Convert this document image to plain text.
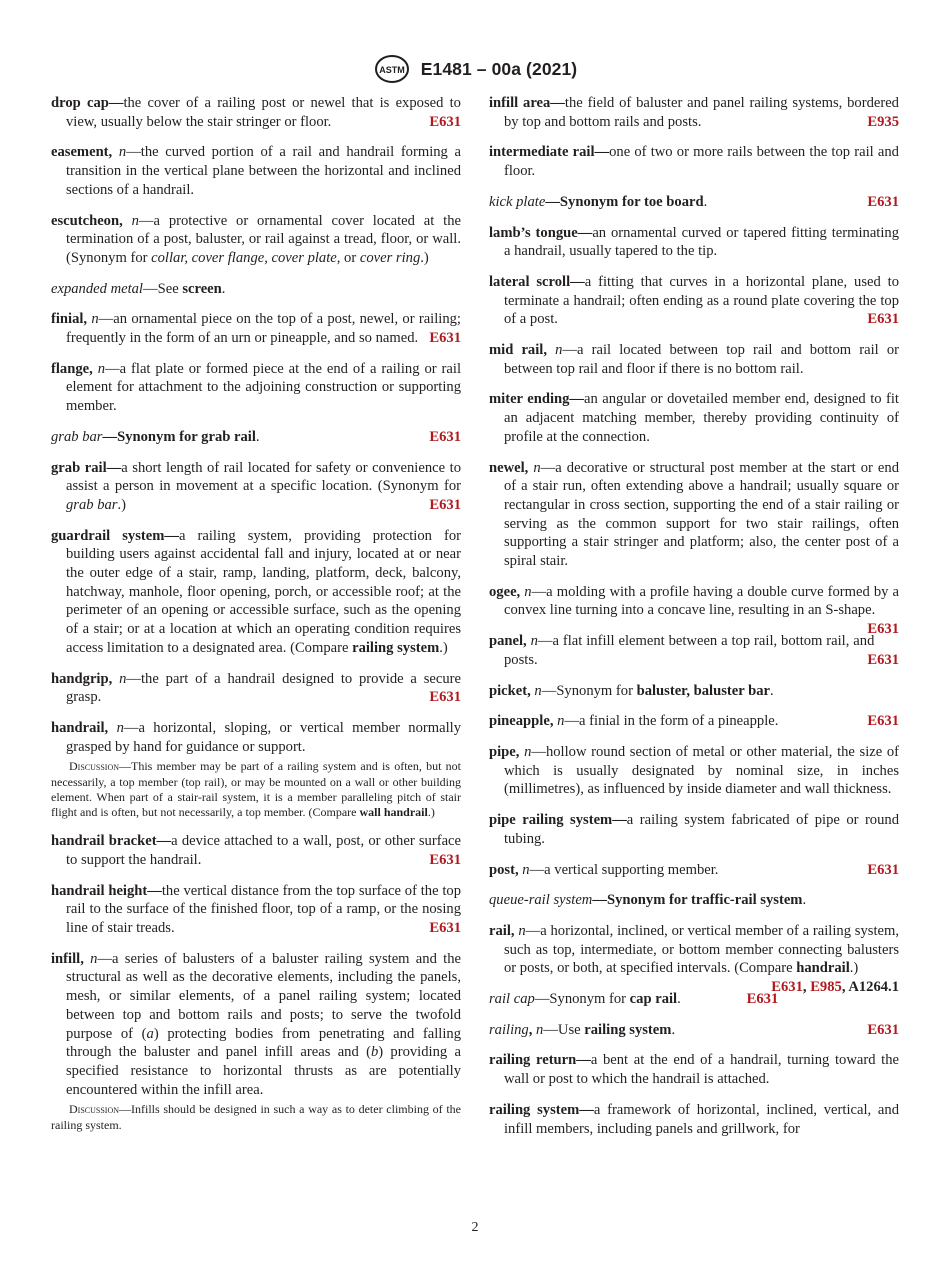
ASTM E1481 – 00a (2021)

drop cap—the cover of a railing post or newel that is exposed to view, usually below the stair stringer or floor.	E631

easement, n—the curved portion of a rail and handrail forming a transition in the vertical plane between the horizontal and inclined sections of a handrail.

escutcheon, n—a protective or ornamental cover located at the termination of a post, baluster, or rail against a tread, floor, or wall. (Synonym for collar, cover flange, cover plate, or cover ring.)

expanded metal—See screen.

finial, n—an ornamental piece on the top of a post, newel, or railing; frequently in the form of an urn or pineapple, and so named. E631

flange, n—a flat plate or formed piece at the end of a railing or rail element for attachment to the adjoining construction or supporting member.

grab bar—Synonym for grab rail.	E631

grab rail—a short length of rail located for safety or convenience to assist a person in movement at a specific location. (Synonym for grab bar.)	E631

guardrail system—a railing system, providing protection for building users against accidental fall and injury, located at or near the outer edge of a stair, ramp, landing, platform, deck, balcony, hatchway, manhole, floor opening, porch, or accessible roof; at the perimeter of an opening or accessible surface, such as the opening of a stair; or at a location at which an operating condition requires access limitation to a designated area. (Compare railing system.)

handgrip, n—the part of a handrail designed to provide a secure grasp.	E631

handrail, n—a horizontal, sloping, or vertical member normally grasped by hand for guidance or support.

Discussion—This member may be part of a railing system and is often, but not necessarily, a top member (top rail), or may be mounted on a wall or other building element. When part of a stair-rail system, it is a member paralleling pitch of stair flight and is often, but not necessarily, a top member. (Compare wall handrail.)

handrail bracket—a device attached to a wall, post, or other surface to support the handrail.	E631

handrail height—the vertical distance from the top surface of the top rail to the surface of the finished floor, top of a ramp, or the nosing line of stair treads.	E631

infill, n—a series of balusters of a baluster railing system and the structural as well as the decorative elements, including the panels, mesh, or similar elements, of a panel railing system; located between top and bottom rails and posts; to serve the twofold purpose of (a) protecting bodies from penetrating and falling through the baluster and panel infill areas and (b) providing a specified resistance to horizontal thrusts as are potentially encountered within the infill area.

Discussion—Infills should be designed in such a way as to deter climbing of the railing system.

infill area—the field of baluster and panel railing systems, bordered by top and bottom rails and posts.	E935

intermediate rail—one of two or more rails between the top rail and floor.

kick plate—Synonym for toe board.	E631

lamb’s tongue—an ornamental curved or tapered fitting terminating a handrail, usually tapered to the tip.

lateral scroll—a fitting that curves in a horizontal plane, used to terminate a handrail; often ending as a round plate covering the top of a post.	E631

mid rail, n—a rail located between top rail and bottom rail or between top rail and floor if there is no bottom rail.

miter ending—an angular or dovetailed member end, designed to fit an adjacent matching member, thereby providing continuity of profile at the connection.

newel, n—a decorative or structural post member at the start or end of a stair run, often extending above a handrail; usually square or rectangular in cross section, supporting the end of a stair railing or serving as the common support for two stair railings, often supporting a stair stringer and platform; also, the center post of a spiral stair.

ogee, n—a molding with a profile having a double curve formed by a convex line turning into a concave line, resulting in an S-shape.
E631

panel, n—a flat infill element between a top rail, bottom rail, and posts.	E631

picket, n—Synonym for baluster, baluster bar.

pineapple, n—a finial in the form of a pineapple.	E631

pipe, n—hollow round section of metal or other material, the size of which is usually designated by nominal size, in inches (millimetres), as influenced by inside diameter and wall thickness.

pipe railing system—a railing system fabricated of pipe or round tubing.

post, n—a vertical supporting member.	E631

queue-rail system—Synonym for traffic-rail system.

rail, n—a horizontal, inclined, or vertical member of a railing system, such as top, intermediate, or bottom member connecting balusters or posts, or both, at specified intervals. (Compare handrail.)
E631, E985, A1264.1

rail cap—Synonym for cap rail.	E631

railing, n—Use railing system.	E631

railing return—a bent at the end of a handrail, turning toward the wall or post to which the handrail is attached.

railing system—a framework of horizontal, inclined, vertical, and infill members, including panels and grillwork, for

2
